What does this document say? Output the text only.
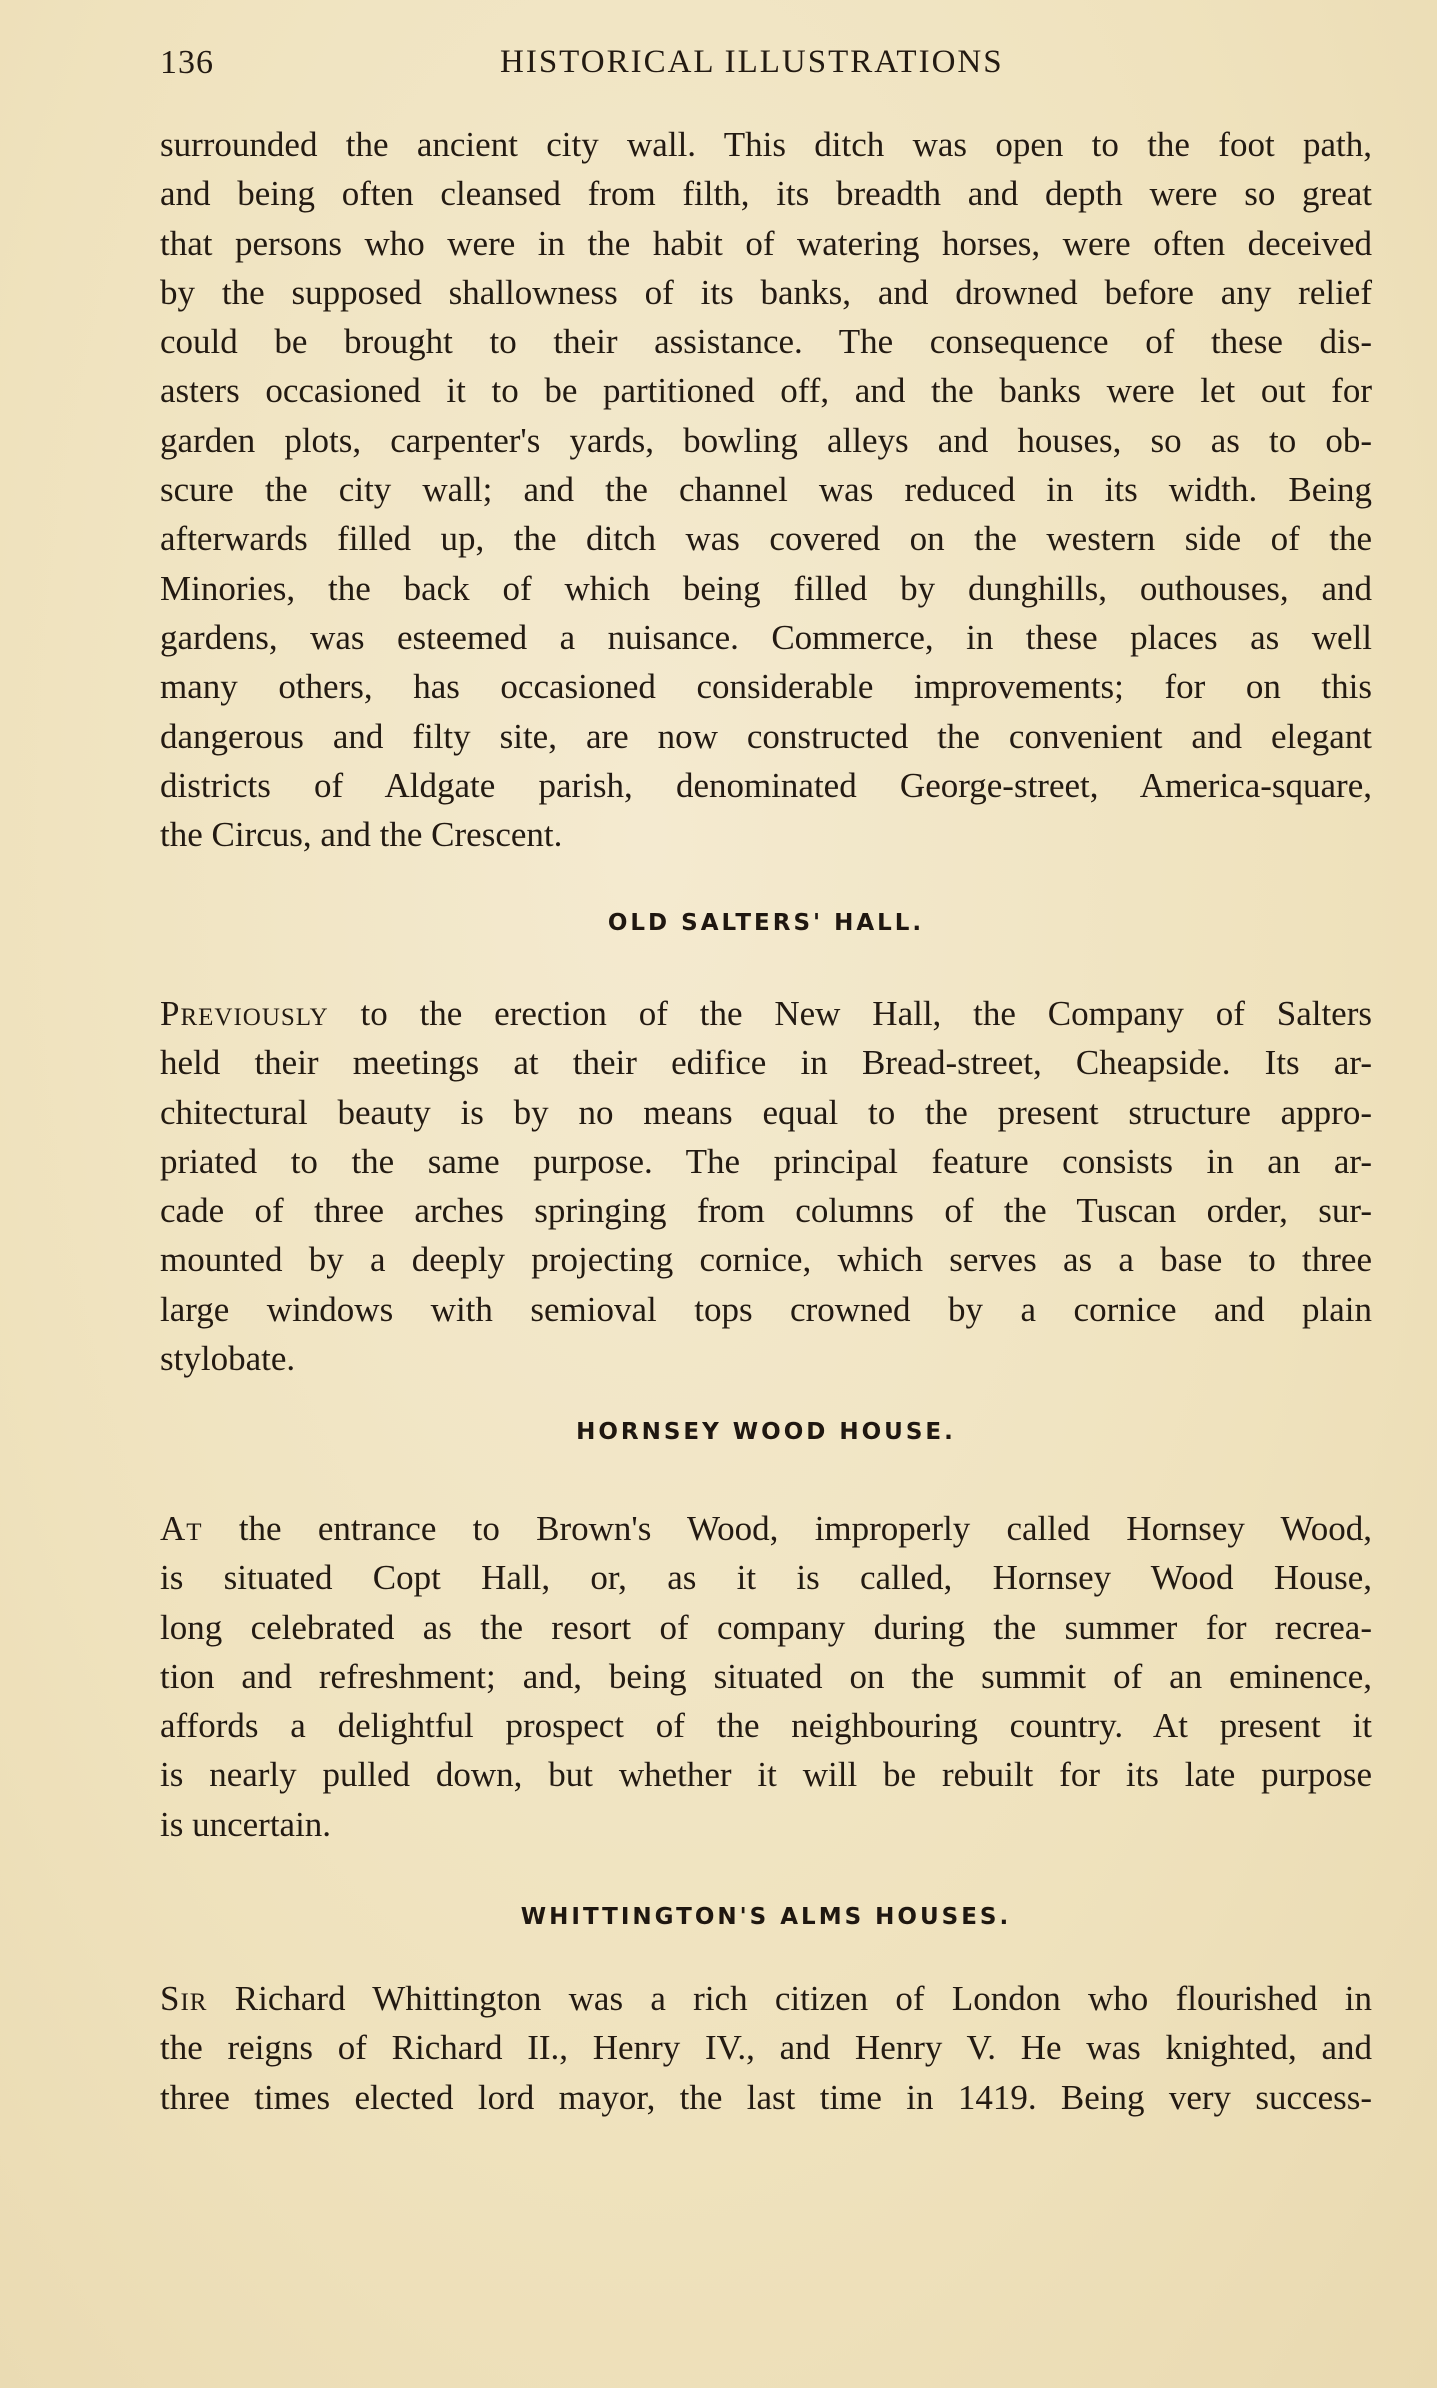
136	HISTORICAL ILLUSTRATIONS
surrounded the ancient city wall. This ditch was open to the foot path,
and being often cleansed from filth, its breadth and depth were so great
that persons who were in the habit of watering horses, were often deceived
by the supposed shallowness of its banks, and drowned before any relief
could be brought to their assistance. The consequence of these dis-
asters occasioned it to be partitioned off, and the banks were let out for
garden plots, carpenter's yards, bowling alleys and houses, so as to ob-
scure the city wall; and the channel was reduced in its width. Being
afterwards filled up, the ditch was covered on the western side of the
Minories, the back of which being filled by dunghills, outhouses, and
gardens, was esteemed a nuisance. Commerce, in these places as well
many others, has occasioned considerable improvements; for on this
dangerous and filty site, are now constructed the convenient and elegant
districts of Aldgate parish, denominated George-street, America-square,
the Circus, and the Crescent.
OLD SALTERS' HALL.
Previously to the erection of the New Hall, the Company of Salters
held their meetings at their edifice in Bread-street, Cheapside. Its ar-
chitectural beauty is by no means equal to the present structure appro-
priated to the same purpose. The principal feature consists in an ar-
cade of three arches springing from columns of the Tuscan order, sur-
mounted by a deeply projecting cornice, which serves as a base to three
large windows with semioval tops crowned by a cornice and plain
stylobate.
HORNSEY WOOD HOUSE.
At the entrance to Brown's Wood, improperly called Hornsey Wood,
is situated Copt Hall, or, as it is called, Hornsey Wood House,
long celebrated as the resort of company during the summer for recrea-
tion and refreshment; and, being situated on the summit of an eminence,
affords a delightful prospect of the neighbouring country. At present it
is nearly pulled down, but whether it will be rebuilt for its late purpose
is uncertain.
WHITTINGTON'S ALMS HOUSES.
Sir Richard Whittington was a rich citizen of London who flourished in
the reigns of Richard II., Henry IV., and Henry V. He was knighted, and
three times elected lord mayor, the last time in 1419. Being very success-
